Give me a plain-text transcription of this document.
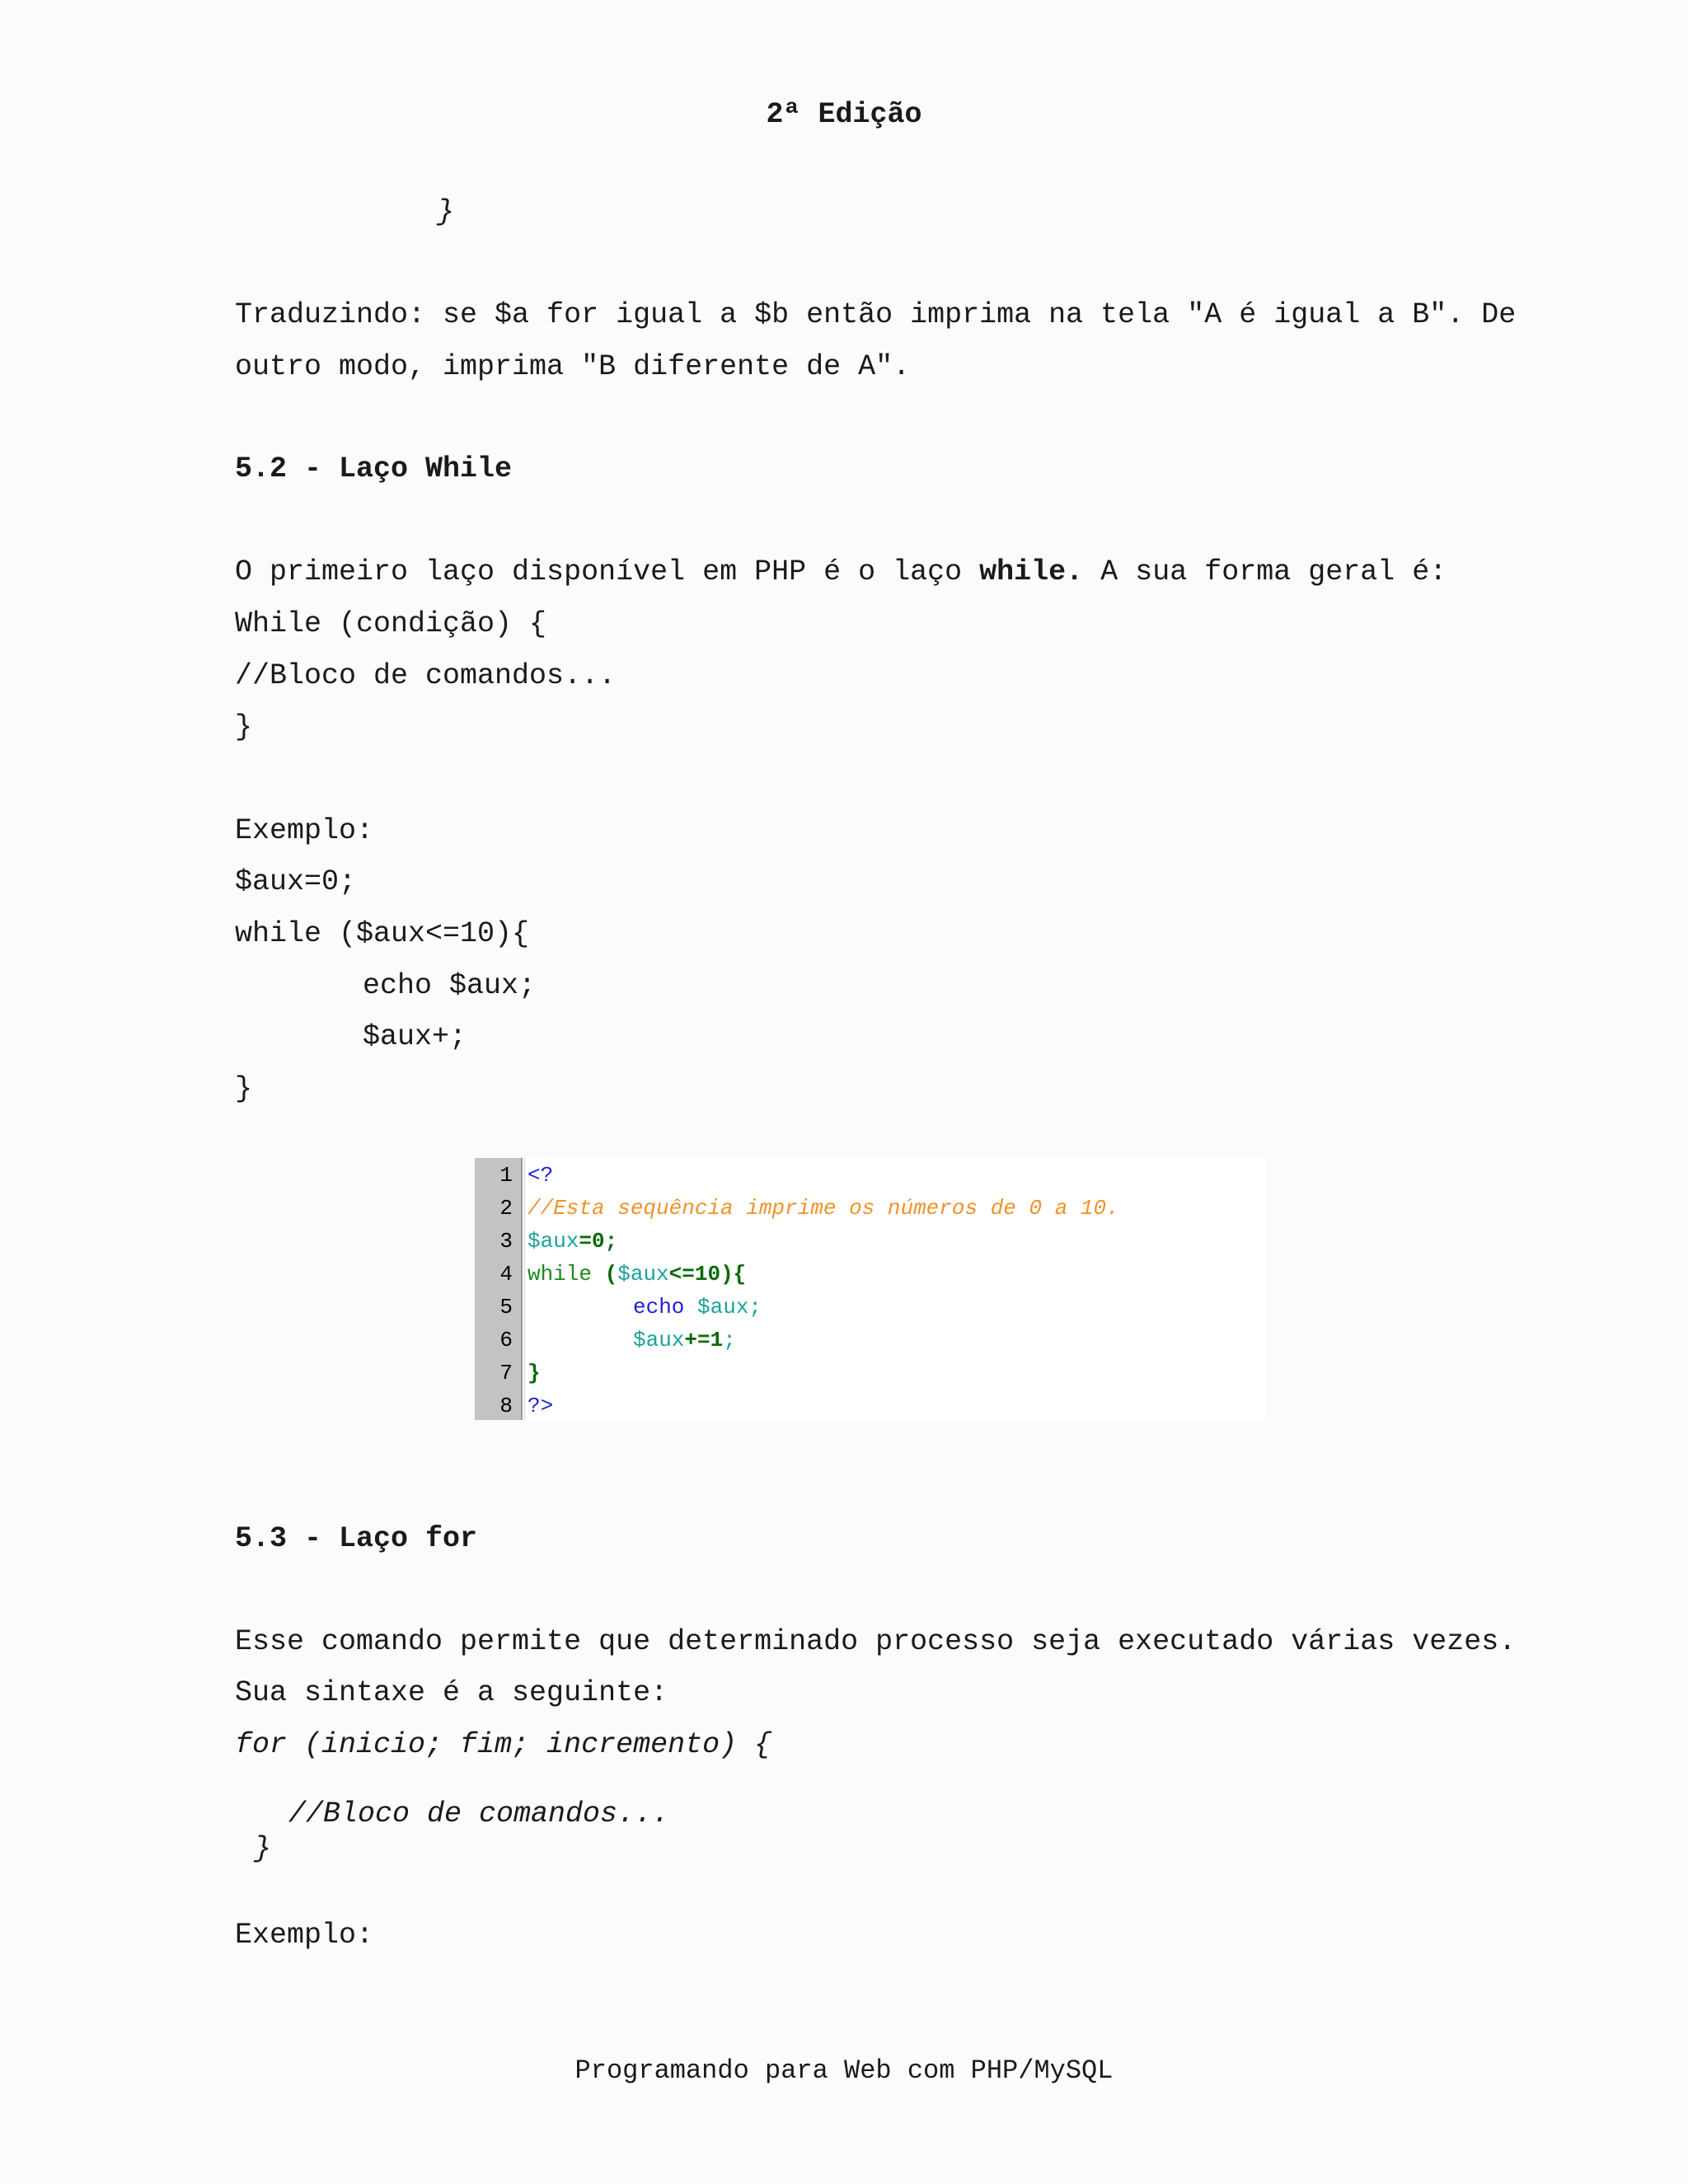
2ª Edição
}
Traduzindo: se $a for igual a $b então imprima na tela "A é igual a B". De
outro modo, imprima "B diferente de A".
5.2 - Laço While
O primeiro laço disponível em PHP é o laço while. A sua forma geral é:
While (condição) {
//Bloco de comandos...
}
Exemplo:
$aux=0;
while ($aux<=10){
echo $aux;
$aux+;
}
1
2
3
4
5
6
7
8
<?
//Esta sequência imprime os números de 0 a 10.
$aux=0;
while ($aux<=10){
echo $aux;
$aux+=1;
}
?>
5.3 - Laço for
Esse comando permite que determinado processo seja executado várias vezes.
Sua sintaxe é a seguinte:
for (inicio; fim; incremento) {
//Bloco de comandos...
}
Exemplo:
Programando para Web com PHP/MySQL
